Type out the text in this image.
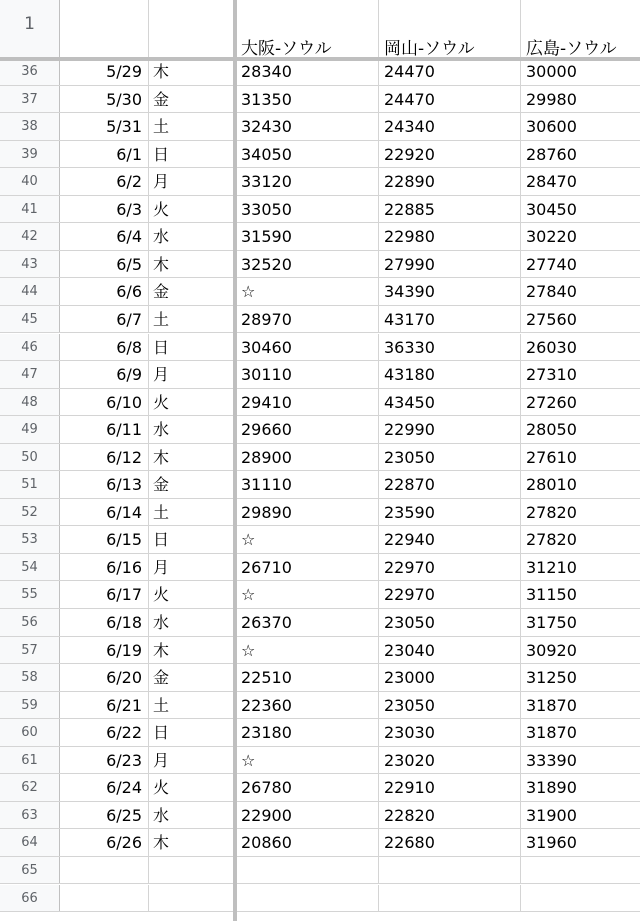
1
大阪-ソウル	岡山-ソウル	広島-ソウル
36	5/29 木	28340	24470	30000
37	5/30 金	31350	24470	29980
38	5/31 土	32430	24340	30600
39	6/1 日	34050	22920	28760
40	6/2 月	33120	22890	28470
41	6/3 火	33050	22885	30450
42	6/4 水	31590	22980	30220
43	6/5 木	32520	27990	27740
44	6/6 金	☆	34390	27840
45	6/7 土	28970	43170	27560
46	6/8 日	30460	36330	26030
47	6/9 月	30110	43180	27310
48	6/10 火	29410	43450	27260
49	6/11 水	29660	22990	28050
50	6/12 木	28900	23050	27610
51	6/13 金	31110	22870	28010
52	6/14 土	29890	23590	27820
53	6/15 日	☆	22940	27820
54	6/16 月	26710	22970	31210
55	6/17 火	☆	22970	31150
56	6/18 水	26370	23050	31750
57	6/19 木	☆	23040	30920
58	6/20 金	22510	23000	31250
59	6/21 土	22360	23050	31870
60	6/22 日	23180	23030	31870
61	6/23 月	☆	23020	33390
62	6/24 火	26780	22910	31890
63	6/25 水	22900	22820	31900
64	6/26 木	20860	22680	31960
65
66
